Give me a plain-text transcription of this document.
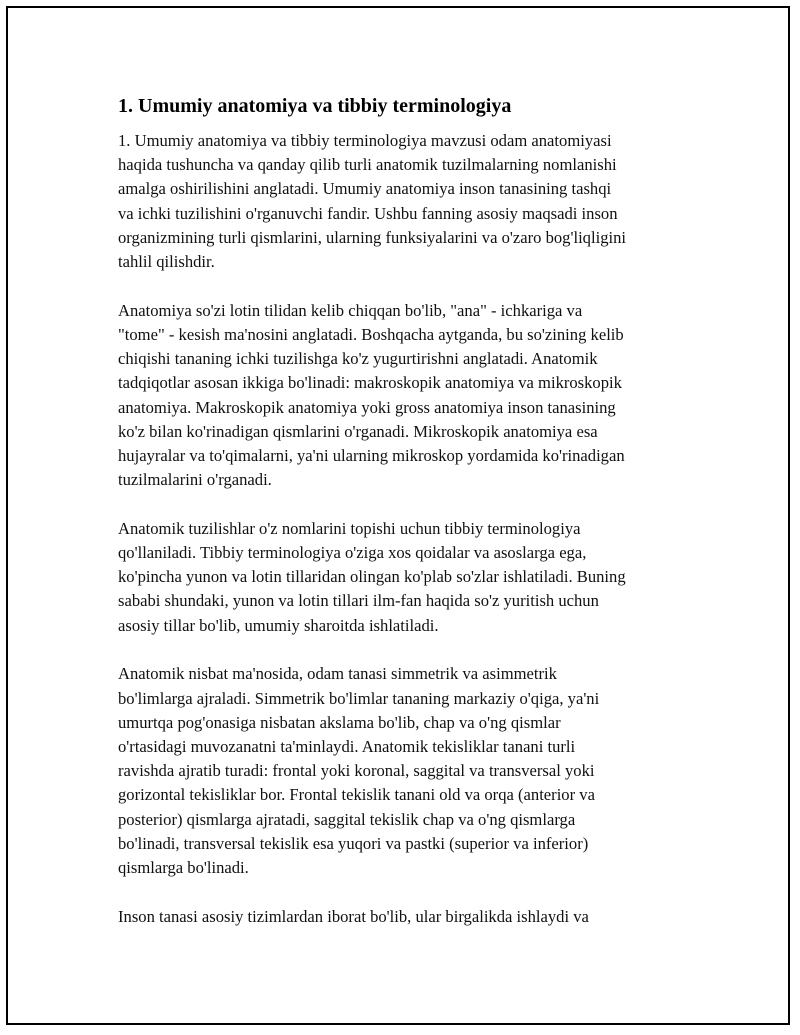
1. Umumiy anatomiya va tibbiy terminologiya
1. Umumiy anatomiya va tibbiy terminologiya mavzusi odam anatomiyasi
haqida tushuncha va qanday qilib turli anatomik tuzilmalarning nomlanishi
amalga oshirilishini anglatadi. Umumiy anatomiya inson tanasining tashqi
va ichki tuzilishini o'rganuvchi fandir. Ushbu fanning asosiy maqsadi inson
organizmining turli qismlarini, ularning funksiyalarini va o'zaro bog'liqligini
tahlil qilishdir.
Anatomiya so'zi lotin tilidan kelib chiqqan bo'lib, "ana" - ichkariga va
"tome" - kesish ma'nosini anglatadi. Boshqacha aytganda, bu so'zining kelib
chiqishi tananing ichki tuzilishga ko'z yugurtirishni anglatadi. Anatomik
tadqiqotlar asosan ikkiga bo'linadi: makroskopik anatomiya va mikroskopik
anatomiya. Makroskopik anatomiya yoki gross anatomiya inson tanasining
ko'z bilan ko'rinadigan qismlarini o'rganadi. Mikroskopik anatomiya esa
hujayralar va to'qimalarni, ya'ni ularning mikroskop yordamida ko'rinadigan
tuzilmalarini o'rganadi.
Anatomik tuzilishlar o'z nomlarini topishi uchun tibbiy terminologiya
qo'llaniladi. Tibbiy terminologiya o'ziga xos qoidalar va asoslarga ega,
ko'pincha yunon va lotin tillaridan olingan ko'plab so'zlar ishlatiladi. Buning
sababi shundaki, yunon va lotin tillari ilm-fan haqida so'z yuritish uchun
asosiy tillar bo'lib, umumiy sharoitda ishlatiladi.
Anatomik nisbat ma'nosida, odam tanasi simmetrik va asimmetrik
bo'limlarga ajraladi. Simmetrik bo'limlar tananing markaziy o'qiga, ya'ni
umurtqa pog'onasiga nisbatan akslama bo'lib, chap va o'ng qismlar
o'rtasidagi muvozanatni ta'minlaydi. Anatomik tekisliklar tanani turli
ravishda ajratib turadi: frontal yoki koronal, saggital va transversal yoki
gorizontal tekisliklar bor. Frontal tekislik tanani old va orqa (anterior va
posterior) qismlarga ajratadi, saggital tekislik chap va o'ng qismlarga
bo'linadi, transversal tekislik esa yuqori va pastki (superior va inferior)
qismlarga bo'linadi.
Inson tanasi asosiy tizimlardan iborat bo'lib, ular birgalikda ishlaydi va
